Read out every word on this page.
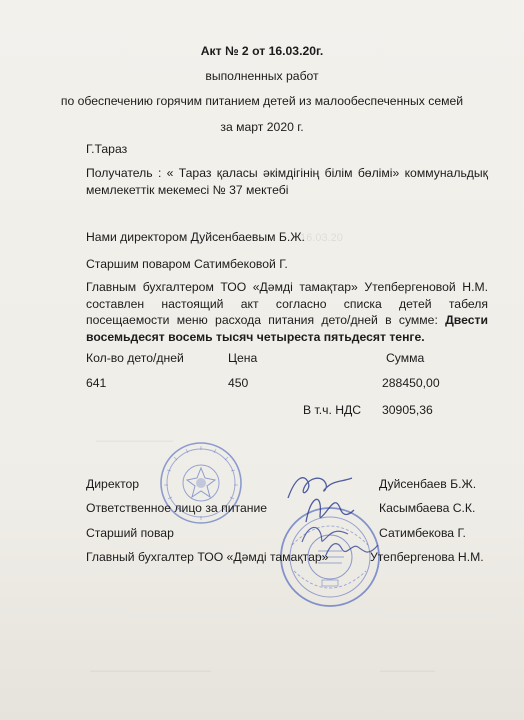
16.03.20
———————
———————————	—————
Акт № 2 от 16.03.20г.
выполненных работ
по обеспечению горячим питанием детей из малообеспеченных семей
за март 2020 г.
Г.Тараз
Получатель : « Тараз қаласы әкімдігінің білім бөлімі» коммунальдық мемлекеттік мекемесі № 37 мектебі
Нами директором Дуйсенбаевым Б.Ж.
Старшим поваром Сатимбековой Г.
Главным бухгалтером ТОО «Дәмді тамақтар» Утепбергеновой Н.М. составлен настоящий акт согласно списка детей табеля посещаемости меню расхода питания дето/дней в сумме: Двести восемьдесят восемь тысяч четыреста пятьдесят тенге.
Кол-во дето/дней	Цена	Сумма
641	450	288450,00
В т.ч. НДС 30905,36
Директор	Дуйсенбаев Б.Ж.
Ответственное лицо за питание	Касымбаева С.К.
Старший повар	Сатимбекова Г.
Главный бухгалтер ТОО «Дәмді тамақтар»	Утепбергенова Н.М.
